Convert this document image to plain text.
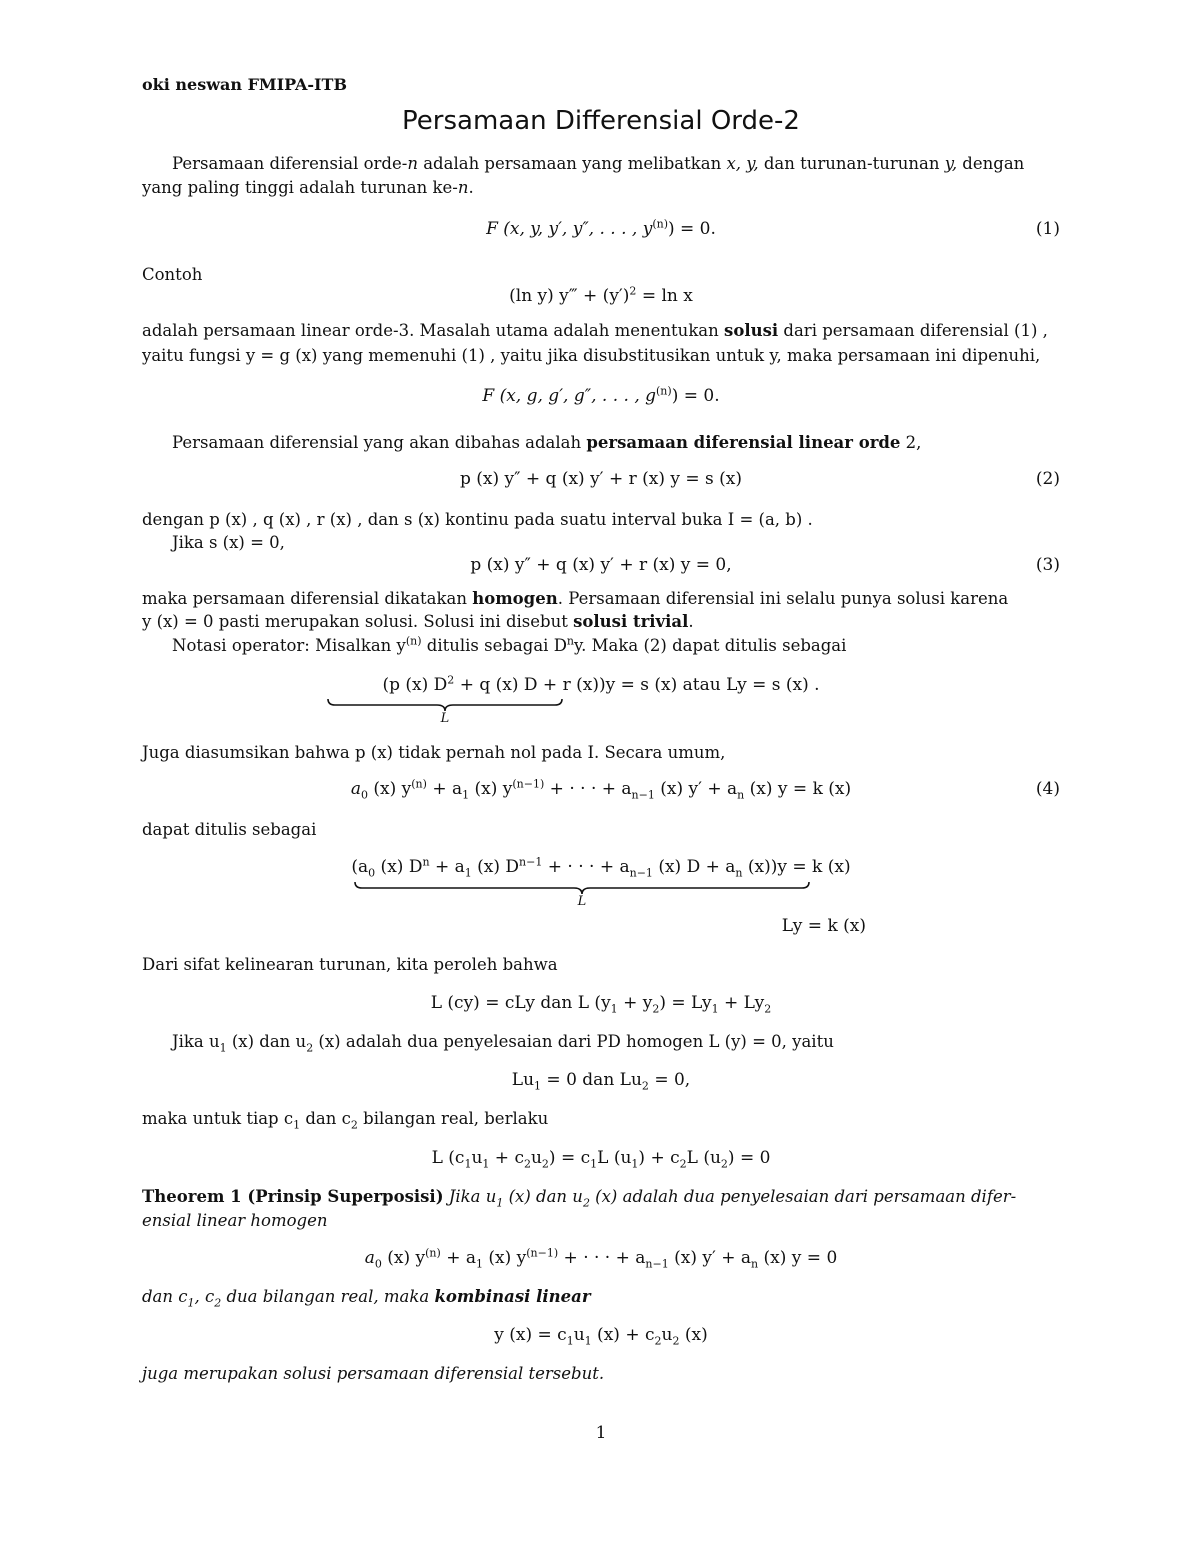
oki neswan FMIPA-ITB
Persamaan Differensial Orde-2
Persamaan diferensial orde-n adalah persamaan yang melibatkan x, y, dan turunan-turunan y, dengan
yang paling tinggi adalah turunan ke-n.
F (x, y, y′, y″, . . . , $y^{(n)}) = 0$.	(1)
Contoh
(ln y) y‴ + $(y')^2 = \ln x$
adalah persamaan linear orde-3. Masalah utama adalah menentukan solusi dari persamaan diferensial (1) ,
yaitu fungsi y = g (x) yang memenuhi (1) , yaitu jika disubstitusikan untuk y, maka persamaan ini dipenuhi,
F (x, g, g′, g″, . . . , $g^{(n)}) = 0$.
Persamaan diferensial yang akan dibahas adalah persamaan diferensial linear orde 2,
p (x) y″ + q (x) y′ + r (x) y = s (x)	(2)
dengan p (x) , q (x) , r (x) , dan s (x) kontinu pada suatu interval buka I = (a, b) .
Jika s (x) = 0,
p (x) y″ + q (x) y′ + r (x) y = 0,	(3)
maka persamaan diferensial dikatakan homogen. Persamaan diferensial ini selalu punya solusi karena
y (x) = 0 pasti merupakan solusi. Solusi ini disebut solusi trivial.
Notasi operator: Misalkan $y^{(n)}$ ditulis sebagai $D^ny$. Maka (2) dapat ditulis sebagai
(p (x) $D^2 + q$ (x) D + r (x))y = s (x) atau Ly = s (x) .
L
Juga diasumsikan bahwa p (x) tidak pernah nol pada I. Secara umum,
$a_0$ (x) $y^{(n)} + a_1$ (x) $y^{(n-1)}$ + · · · + $a_{n-1}$ (x) $y' + a_n$ (x) y = k (x)	(4)
dapat ditulis sebagai
($a_0$ (x) $D^n + a_1$ (x) $D^{n-1}$ + · · · + $a_{n-1}$ (x) $D + a_n$ (x))y = k (x)
L
Ly = k (x)
Dari sifat kelinearan turunan, kita peroleh bahwa
L (cy) = cLy dan L $(y_1 + y_2) = Ly_1 + Ly_2$
Jika $u_1$ (x) dan $u_2$ (x) adalah dua penyelesaian dari PD homogen L (y) = 0, yaitu
$Lu_1 = 0$ dan $Lu_2 = 0$,
maka untuk tiap $c_1$ dan $c_2$ bilangan real, berlaku
L $(c_1u_1 + c_2u_2) = c_1L$ $(u_1) + c_2L$ $(u_2) = 0$
Theorem 1 (Prinsip Superposisi) Jika $u_1$ (x) dan $u_2$ (x) adalah dua penyelesaian dari persamaan difer-
ensial linear homogen
$a_0$ (x) $y^{(n)} + a_1$ (x) $y^{(n-1)}$ + · · · + $a_{n-1}$ (x) $y' + a_n$ (x) y = 0
dan $c_1$, $c_2$ dua bilangan real, maka kombinasi linear
y $(x) = c_1u_1$ $(x) + c_2u_2$ (x)
juga merupakan solusi persamaan diferensial tersebut.
1
